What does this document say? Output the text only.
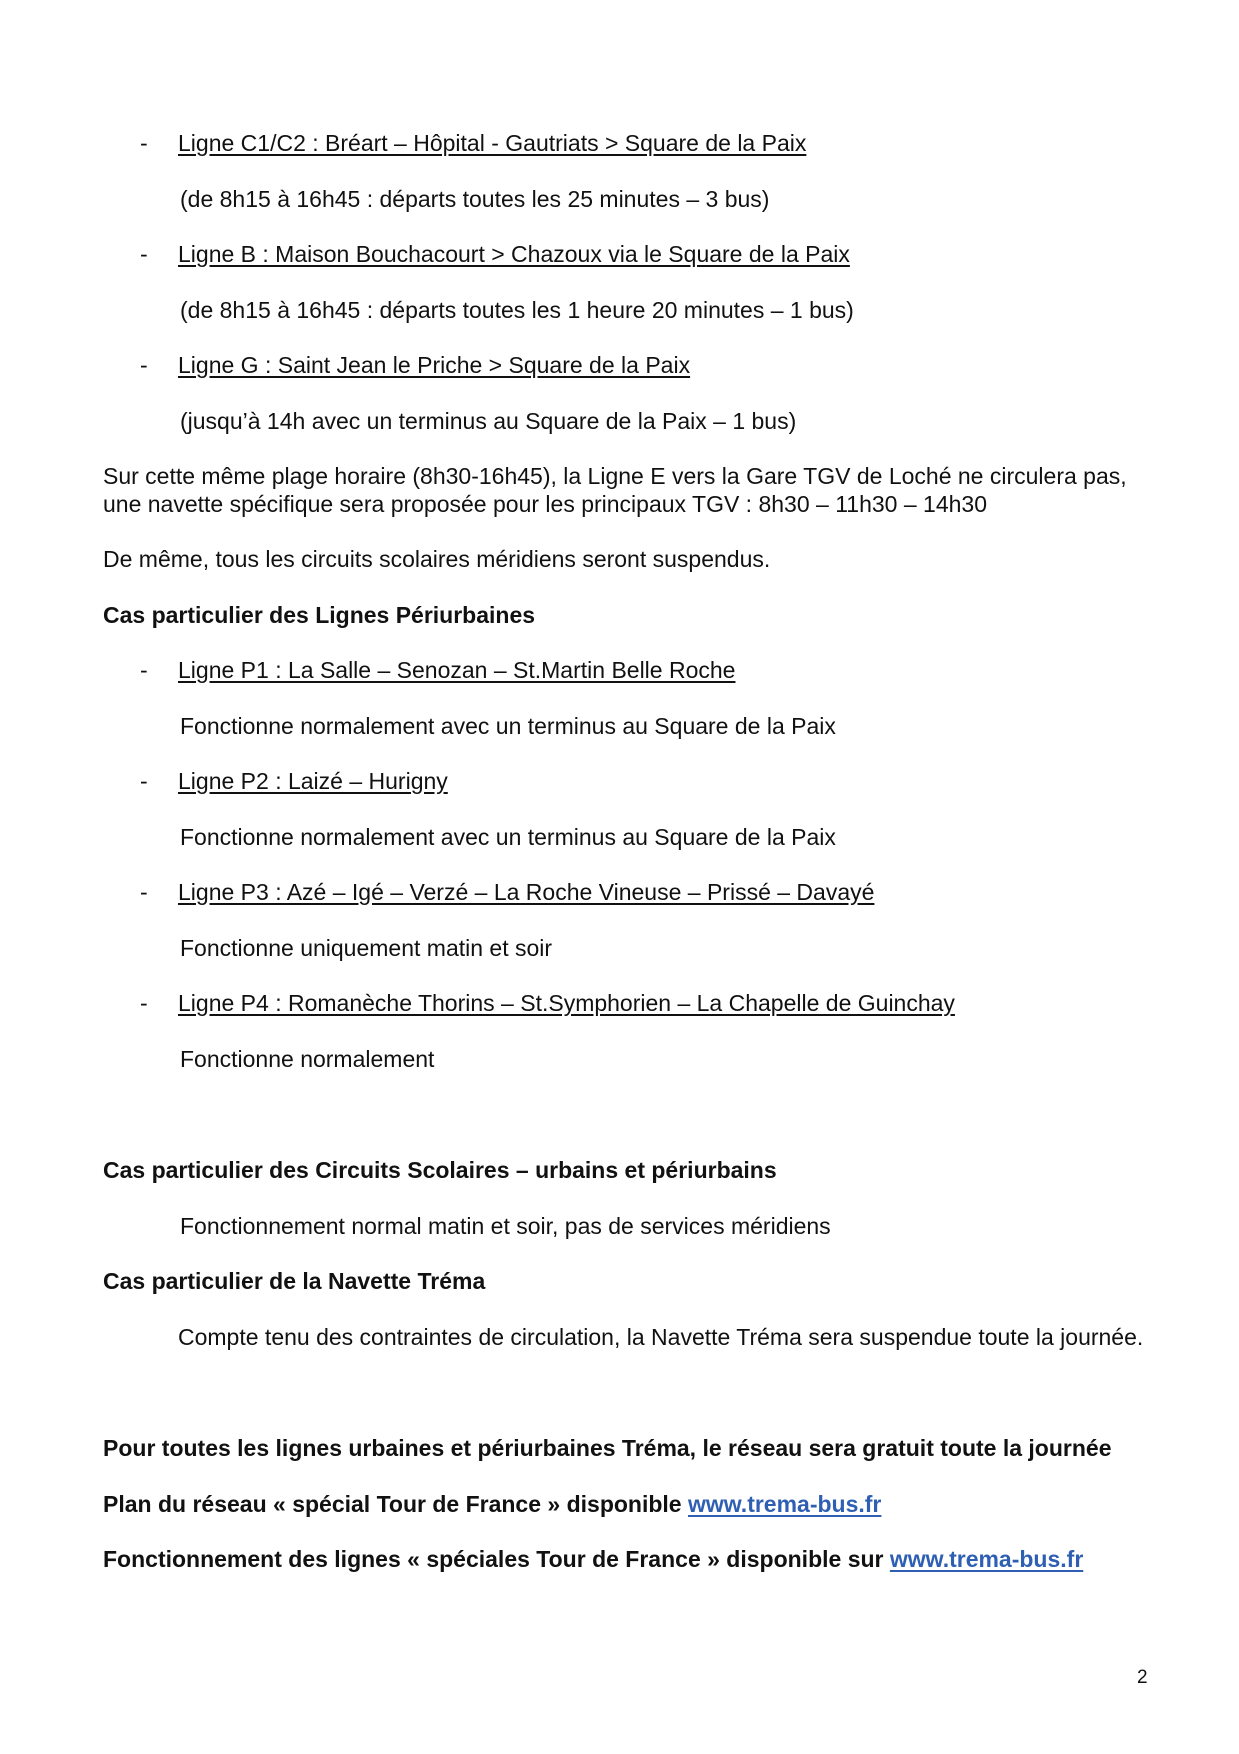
- Ligne C1/C2 : Bréart – Hôpital - Gautriats > Square de la Paix
(de 8h15 à 16h45 : départs toutes les 25 minutes – 3 bus)
- Ligne B : Maison Bouchacourt > Chazoux via le Square de la Paix
(de 8h15 à 16h45 : départs toutes les 1 heure 20 minutes – 1 bus)
- Ligne G : Saint Jean le Priche > Square de la Paix
(jusqu’à 14h avec un terminus au Square de la Paix – 1 bus)
Sur cette même plage horaire (8h30-16h45), la Ligne E vers la Gare TGV de Loché ne circulera pas,
une navette spécifique sera proposée pour les principaux TGV : 8h30 – 11h30 – 14h30
De même, tous les circuits scolaires méridiens seront suspendus.
Cas particulier des Lignes Périurbaines
- Ligne P1 : La Salle – Senozan – St.Martin Belle Roche
Fonctionne normalement avec un terminus au Square de la Paix
- Ligne P2 : Laizé – Hurigny
Fonctionne normalement avec un terminus au Square de la Paix
- Ligne P3 : Azé – Igé – Verzé – La Roche Vineuse – Prissé – Davayé
Fonctionne uniquement matin et soir
- Ligne P4 : Romanèche Thorins – St.Symphorien – La Chapelle de Guinchay
Fonctionne normalement
Cas particulier des Circuits Scolaires – urbains et périurbains
Fonctionnement normal matin et soir, pas de services méridiens
Cas particulier de la Navette Tréma
Compte tenu des contraintes de circulation, la Navette Tréma sera suspendue toute la journée.
Pour toutes les lignes urbaines et périurbaines Tréma, le réseau sera gratuit toute la journée
Plan du réseau « spécial Tour de France » disponible www.trema-bus.fr
Fonctionnement des lignes « spéciales Tour de France » disponible sur www.trema-bus.fr
2
